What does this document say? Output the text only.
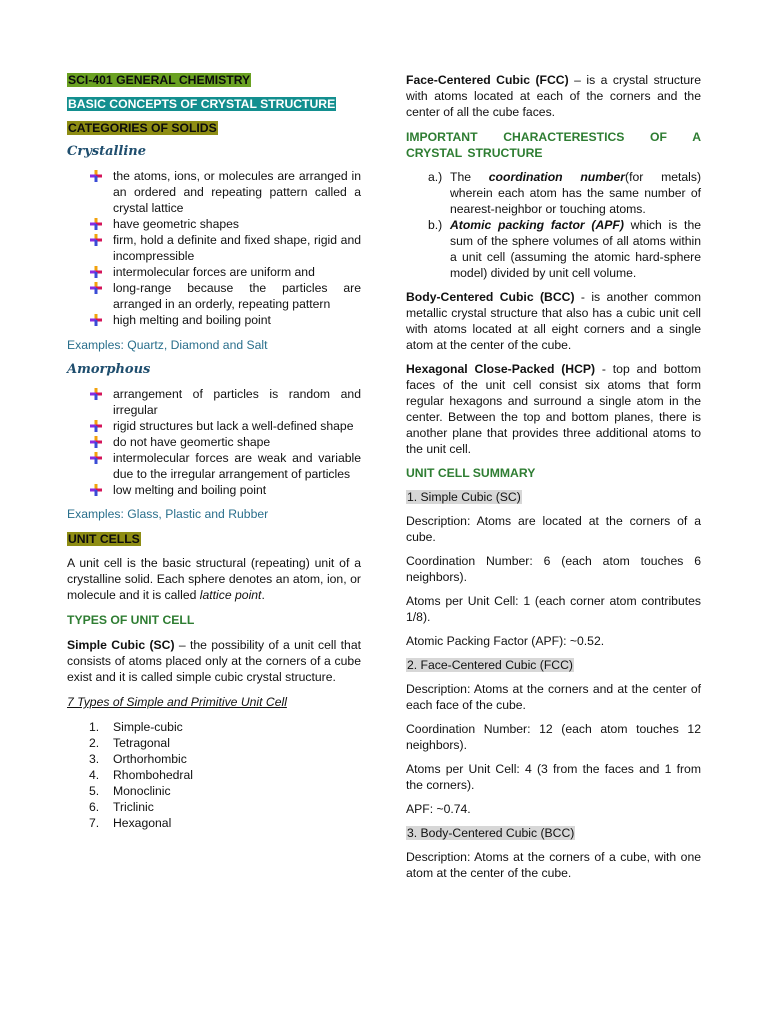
SCI-401 GENERAL CHEMISTRY
BASIC CONCEPTS OF CRYSTAL STRUCTURE
CATEGORIES OF SOLIDS
Crystalline
the atoms, ions, or molecules are arranged in an ordered and repeating pattern called a crystal lattice
have geometric shapes
firm, hold a definite and fixed shape, rigid and incompressible
intermolecular forces are uniform and
long-range because the particles are arranged in an orderly, repeating pattern
high melting and boiling point
Examples: Quartz, Diamond and Salt
Amorphous
arrangement of particles is random and irregular
rigid structures but lack a well-defined shape
do not have geomertic shape
intermolecular forces are weak and variable due to the irregular arrangement of particles
low melting and boiling point
Examples: Glass, Plastic and Rubber
UNIT CELLS

A unit cell is the basic structural (repeating) unit of a crystalline solid. Each sphere denotes an atom, ion, or molecule and it is called lattice point.

TYPES OF UNIT CELL

Simple Cubic (SC) – the possibility of a unit cell that consists of atoms placed only at the corners of a cube exist and it is called simple cubic crystal structure.

7 Types of Simple and Primitive Unit Cell
1.	Simple-cubic
2.	Tetragonal
3.	Orthorhombic
4.	Rhombohedral
5.	Monoclinic
6.	Triclinic
7.	Hexagonal

Face-Centered Cubic (FCC) – is a crystal structure with atoms located at each of the corners and the center of all the cube faces.

IMPORTANT CHARACTERESTICS OF A CRYSTAL STRUCTURE
a.) The coordination number(for metals) wherein each atom has the same number of nearest-neighbor or touching atoms.
b.) Atomic packing factor (APF) which is the sum of the sphere volumes of all atoms within a unit cell (assuming the atomic hard-sphere model) divided by unit cell volume.

Body-Centered Cubic (BCC) - is another common metallic crystal structure that also has a cubic unit cell with atoms located at all eight corners and a single atom at the center of the cube.

Hexagonal Close-Packed (HCP) - top and bottom faces of the unit cell consist six atoms that form regular hexagons and surround a single atom in the center. Between the top and bottom planes, there is another plane that provides three additional atoms to the unit cell.

UNIT CELL SUMMARY
1. Simple Cubic (SC)

Description: Atoms are located at the corners of a cube.

Coordination Number: 6 (each atom touches 6 neighbors).

Atoms per Unit Cell: 1 (each corner atom contributes 1/8).

Atomic Packing Factor (APF): ~0.52.

2. Face-Centered Cubic (FCC)

Description: Atoms at the corners and at the center of each face of the cube.

Coordination Number: 12 (each atom touches 12 neighbors).

Atoms per Unit Cell: 4 (3 from the faces and 1 from the corners).

APF: ~0.74.

3. Body-Centered Cubic (BCC)

Description: Atoms at the corners of a cube, with one atom at the center of the cube.
